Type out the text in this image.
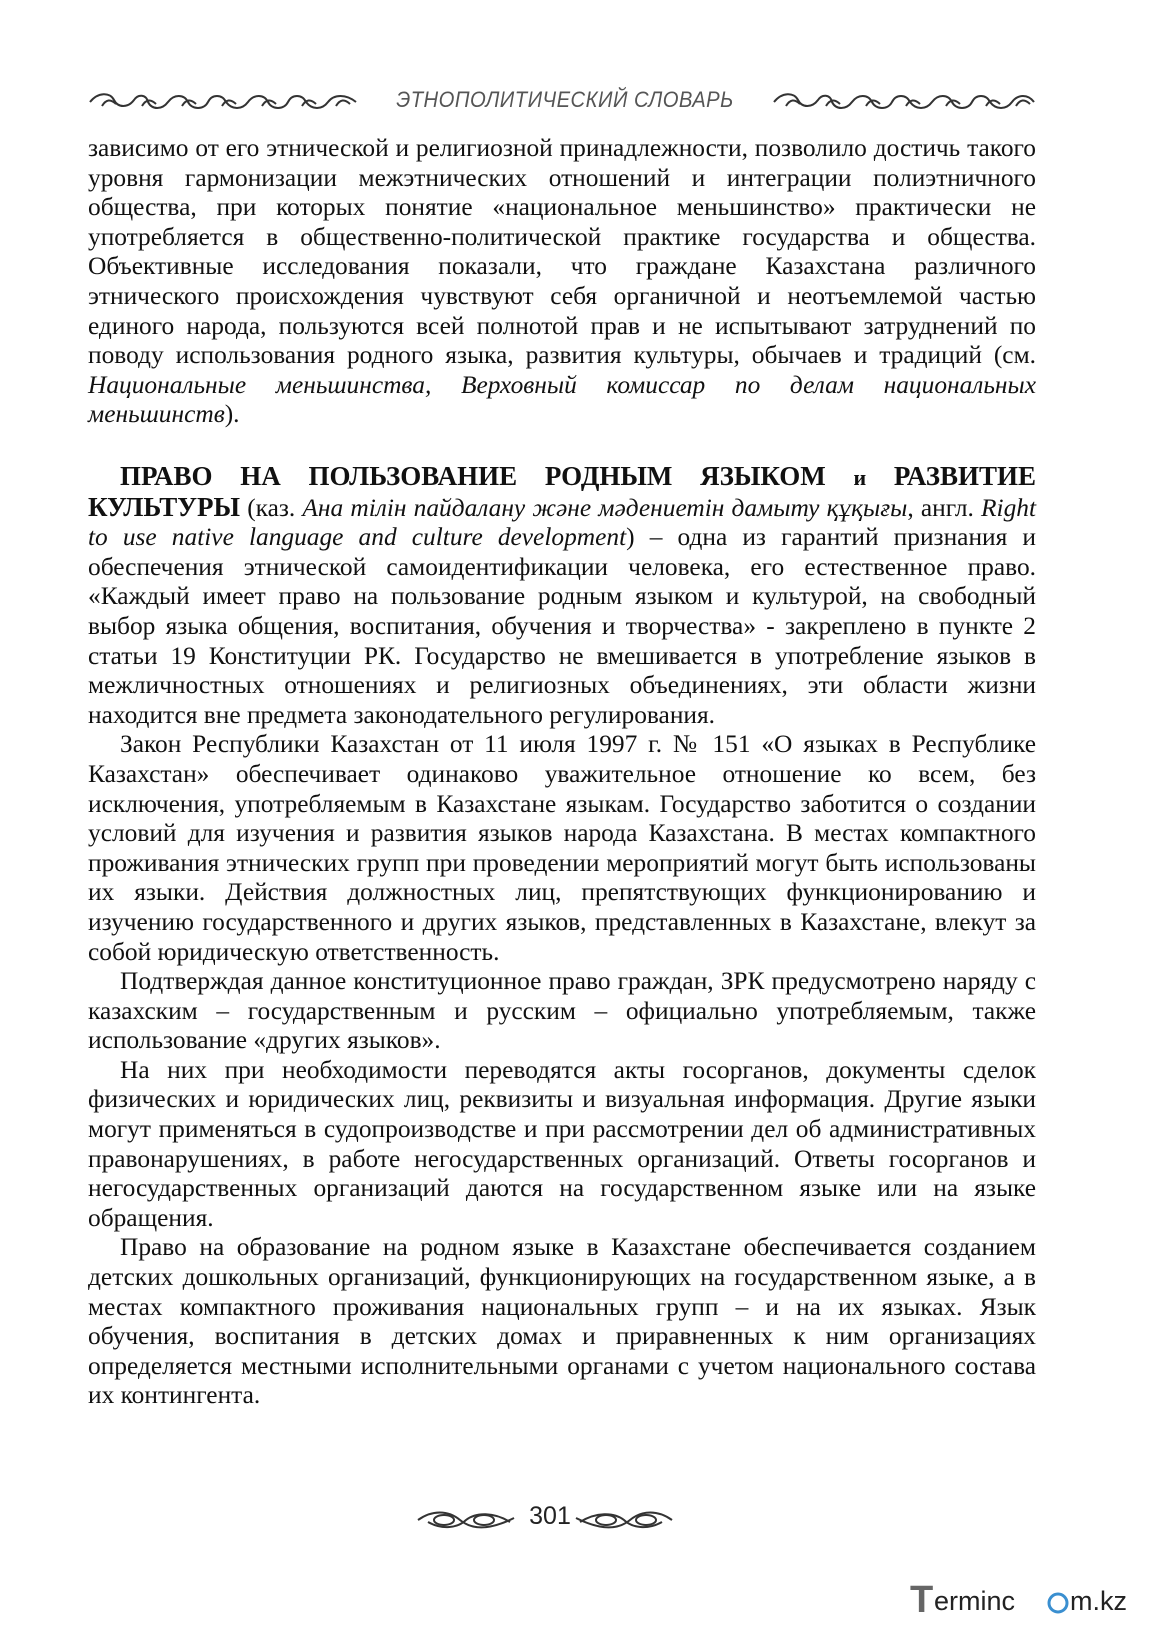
ЭТНОПОЛИТИЧЕСКИЙ СЛОВАРЬ

зависимо от его этнической и религиозной принадлежности, позволило достичь такого уровня гармонизации межэтнических отношений и интеграции полиэтничного общества, при которых понятие «национальное меньшинство» практически не употребляется в общественно-политической практике государства и общества. Объективные исследования показали, что граждане Казахстана различного этнического происхождения чувствуют себя органичной и неотъемлемой частью единого народа, пользуются всей полнотой прав и не испытывают затруднений по поводу использования родного языка, развития культуры, обычаев и традиций (см. Национальные меньшинства, Верховный комиссар по делам национальных меньшинств).

ПРАВО НА ПОЛЬЗОВАНИЕ РОДНЫМ ЯЗЫКОМ и РАЗВИТИЕ КУЛЬТУРЫ (каз. Ана тілін пайдалану және мәдениетін дамыту құқығы, англ. Right to use native language and culture development) – одна из гарантий признания и обеспечения этнической самоидентификации человека, его естественное право. «Каждый имеет право на пользование родным языком и культурой, на свободный выбор языка общения, воспитания, обучения и творчества» - закреплено в пункте 2 статьи 19 Конституции РК. Государство не вмешивается в употребление языков в межличностных отношениях и религиозных объединениях, эти области жизни находится вне предмета законодательного регулирования.

Закон Республики Казахстан от 11 июля 1997 г. № 151 «О языках в Республике Казахстан» обеспечивает одинаково уважительное отношение ко всем, без исключения, употребляемым в Казахстане языкам. Государство заботится о создании условий для изучения и развития языков народа Казахстана. В местах компактного проживания этнических групп при проведении мероприятий могут быть использованы их языки. Действия должностных лиц, препятствующих функционированию и изучению государственного и других языков, представленных в Казахстане, влекут за собой юридическую ответственность.

Подтверждая данное конституционное право граждан, ЗРК предусмотрено наряду с казахским – государственным и русским – официально употребляемым, также использование «других языков».

На них при необходимости переводятся акты госорганов, документы сделок физических и юридических лиц, реквизиты и визуальная информация. Другие языки могут применяться в судопроизводстве и при рассмотрении дел об административных правонарушениях, в работе негосударственных организаций. Ответы госорганов и негосударственных организаций даются на государственном языке или на языке обращения.

Право на образование на родном языке в Казахстане обеспечивается созданием детских дошкольных организаций, функционирующих на государственном языке, а в местах компактного проживания национальных групп – и на их языках. Язык обучения, воспитания в детских домах и приравненных к ним организациях определяется местными исполнительными органами с учетом национального состава их контингента.

301
T erminc m.kz
